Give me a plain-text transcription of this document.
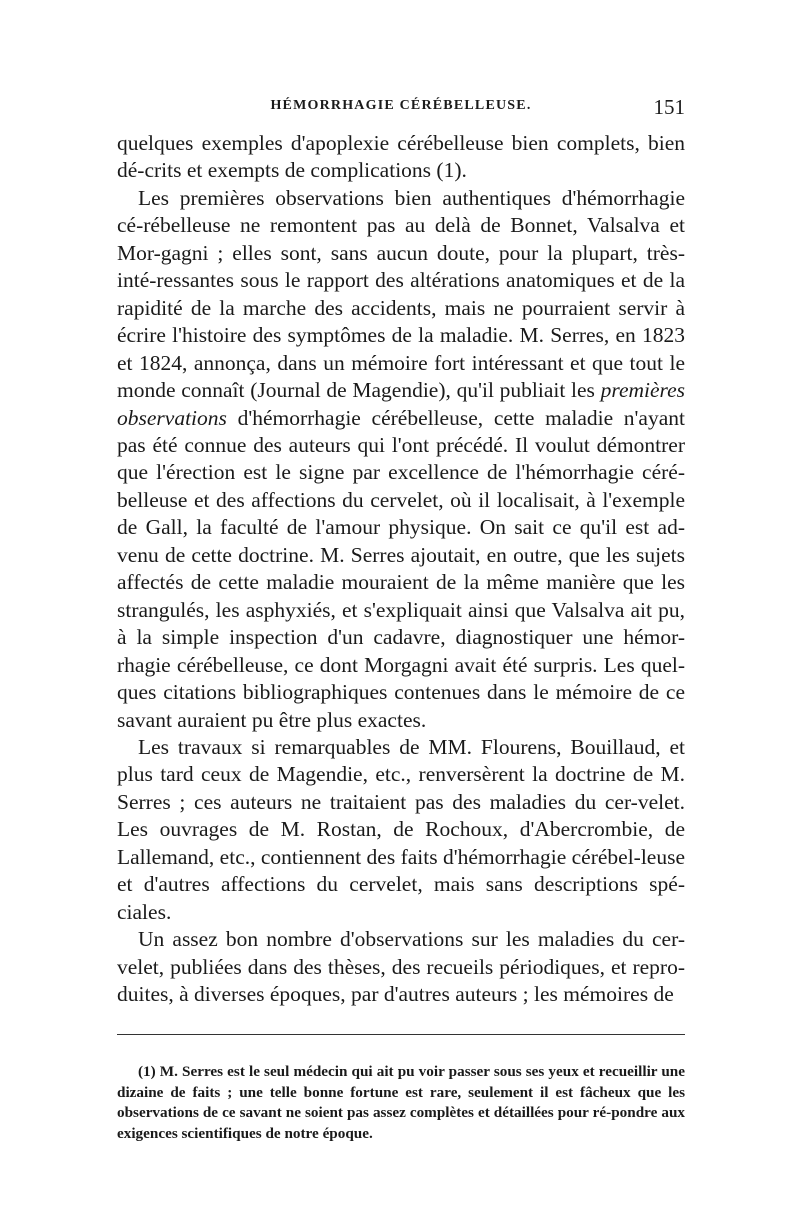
HÉMORRHAGIE CÉRÉBELLEUSE.	151

quelques exemples d'apoplexie cérébelleuse bien complets, bien dé-crits et exempts de complications (1).

Les premières observations bien authentiques d'hémorrhagie cé-rébelleuse ne remontent pas au delà de Bonnet, Valsalva et Mor-gagni ; elles sont, sans aucun doute, pour la plupart, très-inté-ressantes sous le rapport des altérations anatomiques et de la rapidité de la marche des accidents, mais ne pourraient servir à écrire l'histoire des symptômes de la maladie. M. Serres, en 1823 et 1824, annonça, dans un mémoire fort intéressant et que tout le monde connaît (Journal de Magendie), qu'il publiait les premières observations d'hémorrhagie cérébelleuse, cette maladie n'ayant pas été connue des auteurs qui l'ont précédé. Il voulut démontrer que l'érection est le signe par excellence de l'hémorrhagie céré-belleuse et des affections du cervelet, où il localisait, à l'exemple de Gall, la faculté de l'amour physique. On sait ce qu'il est ad-venu de cette doctrine. M. Serres ajoutait, en outre, que les sujets affectés de cette maladie mouraient de la même manière que les strangulés, les asphyxiés, et s'expliquait ainsi que Valsalva ait pu, à la simple inspection d'un cadavre, diagnostiquer une hémor-rhagie cérébelleuse, ce dont Morgagni avait été surpris. Les quel-ques citations bibliographiques contenues dans le mémoire de ce savant auraient pu être plus exactes.

Les travaux si remarquables de MM. Flourens, Bouillaud, et plus tard ceux de Magendie, etc., renversèrent la doctrine de M. Serres ; ces auteurs ne traitaient pas des maladies du cer-velet. Les ouvrages de M. Rostan, de Rochoux, d'Abercrombie, de Lallemand, etc., contiennent des faits d'hémorrhagie cérébel-leuse et d'autres affections du cervelet, mais sans descriptions spé-ciales.

Un assez bon nombre d'observations sur les maladies du cer-velet, publiées dans des thèses, des recueils périodiques, et repro-duites, à diverses époques, par d'autres auteurs ; les mémoires de

(1) M. Serres est le seul médecin qui ait pu voir passer sous ses yeux et recueillir une dizaine de faits ; une telle bonne fortune est rare, seulement il est fâcheux que les observations de ce savant ne soient pas assez complètes et détaillées pour ré-pondre aux exigences scientifiques de notre époque.
